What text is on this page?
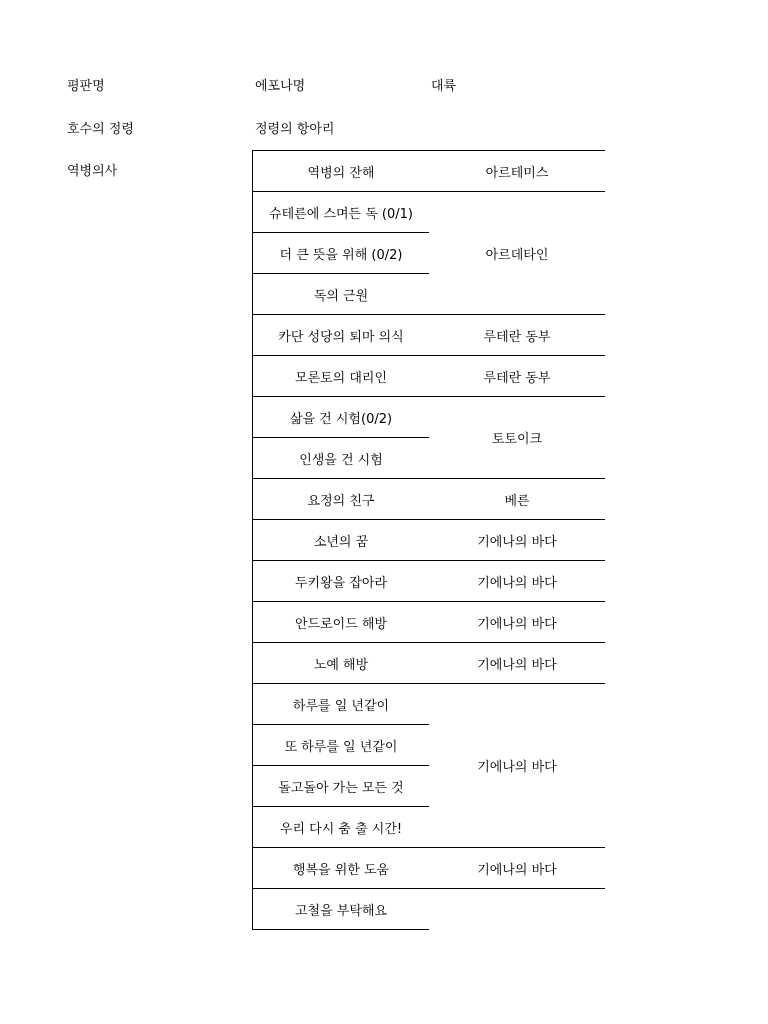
평판명	에포나명	대륙
호수의 정령	정령의 항아리
역병의사	역병의 잔해	아르테미스
슈테른에 스며든 독 (0/1)	아르데타인
더 큰 뜻을 위해 (0/2)	
독의 근원	
카단 성당의 퇴마 의식	루테란 동부
모론토의 대리인	루테란 동부
삶을 건 시험(0/2)	토토이크
인생을 건 시험	
요정의 친구	베른
소년의 꿈	기에나의 바다
두키왕을 잡아라	기에나의 바다
안드로이드 해방	기에나의 바다
노예 해방	기에나의 바다
하루를 일 년같이	기에나의 바다
또 하루를 일 년같이	
돌고돌아 가는 모든 것	
우리 다시 춤 출 시간!	
행복을 위한 도움	기에나의 바다
고철을 부탁해요	
